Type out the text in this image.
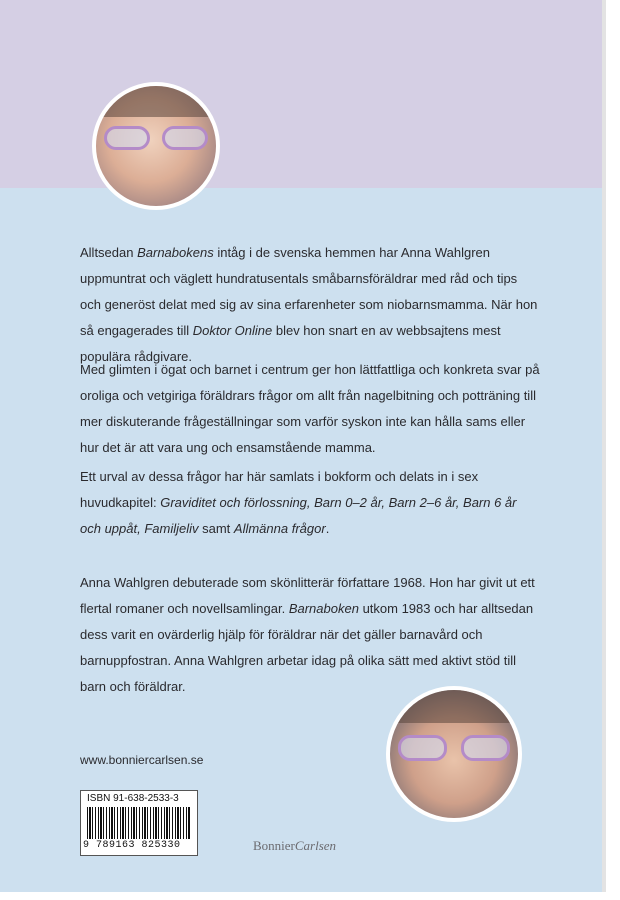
Alltsedan Barnabokens intåg i de svenska hemmen har Anna Wahlgren uppmuntrat och väglett hundratusentals småbarnsföräldrar med råd och tips och generöst delat med sig av sina erfarenheter som niobarnsmamma. När hon så engagerades till Doktor Online blev hon snart en av webbsajtens mest populära rådgivare.

Med glimten i ögat och barnet i centrum ger hon lättfattliga och konkreta svar på oroliga och vetgiriga föräldrars frågor om allt från nagelbitning och potträning till mer diskuterande frågeställningar som varför syskon inte kan hålla sams eller hur det är att vara ung och ensamstående mamma.

Ett urval av dessa frågor har här samlats i bokform och delats in i sex huvudkapitel: Graviditet och förlossning, Barn 0–2 år, Barn 2–6 år, Barn 6 år och uppåt, Familjeliv samt Allmänna frågor.

Anna Wahlgren debuterade som skönlitterär författare 1968. Hon har givit ut ett flertal romaner och novellsamlingar. Barnaboken utkom 1983 och har alltsedan dess varit en ovärderlig hjälp för föräldrar när det gäller barnavård och barnuppfostran. Anna Wahlgren arbetar idag på olika sätt med aktivt stöd till barn och föräldrar.

www.bonniercarlsen.se
ISBN 91-638-2533-3
9 789163 825330	BonnierCarlsen
